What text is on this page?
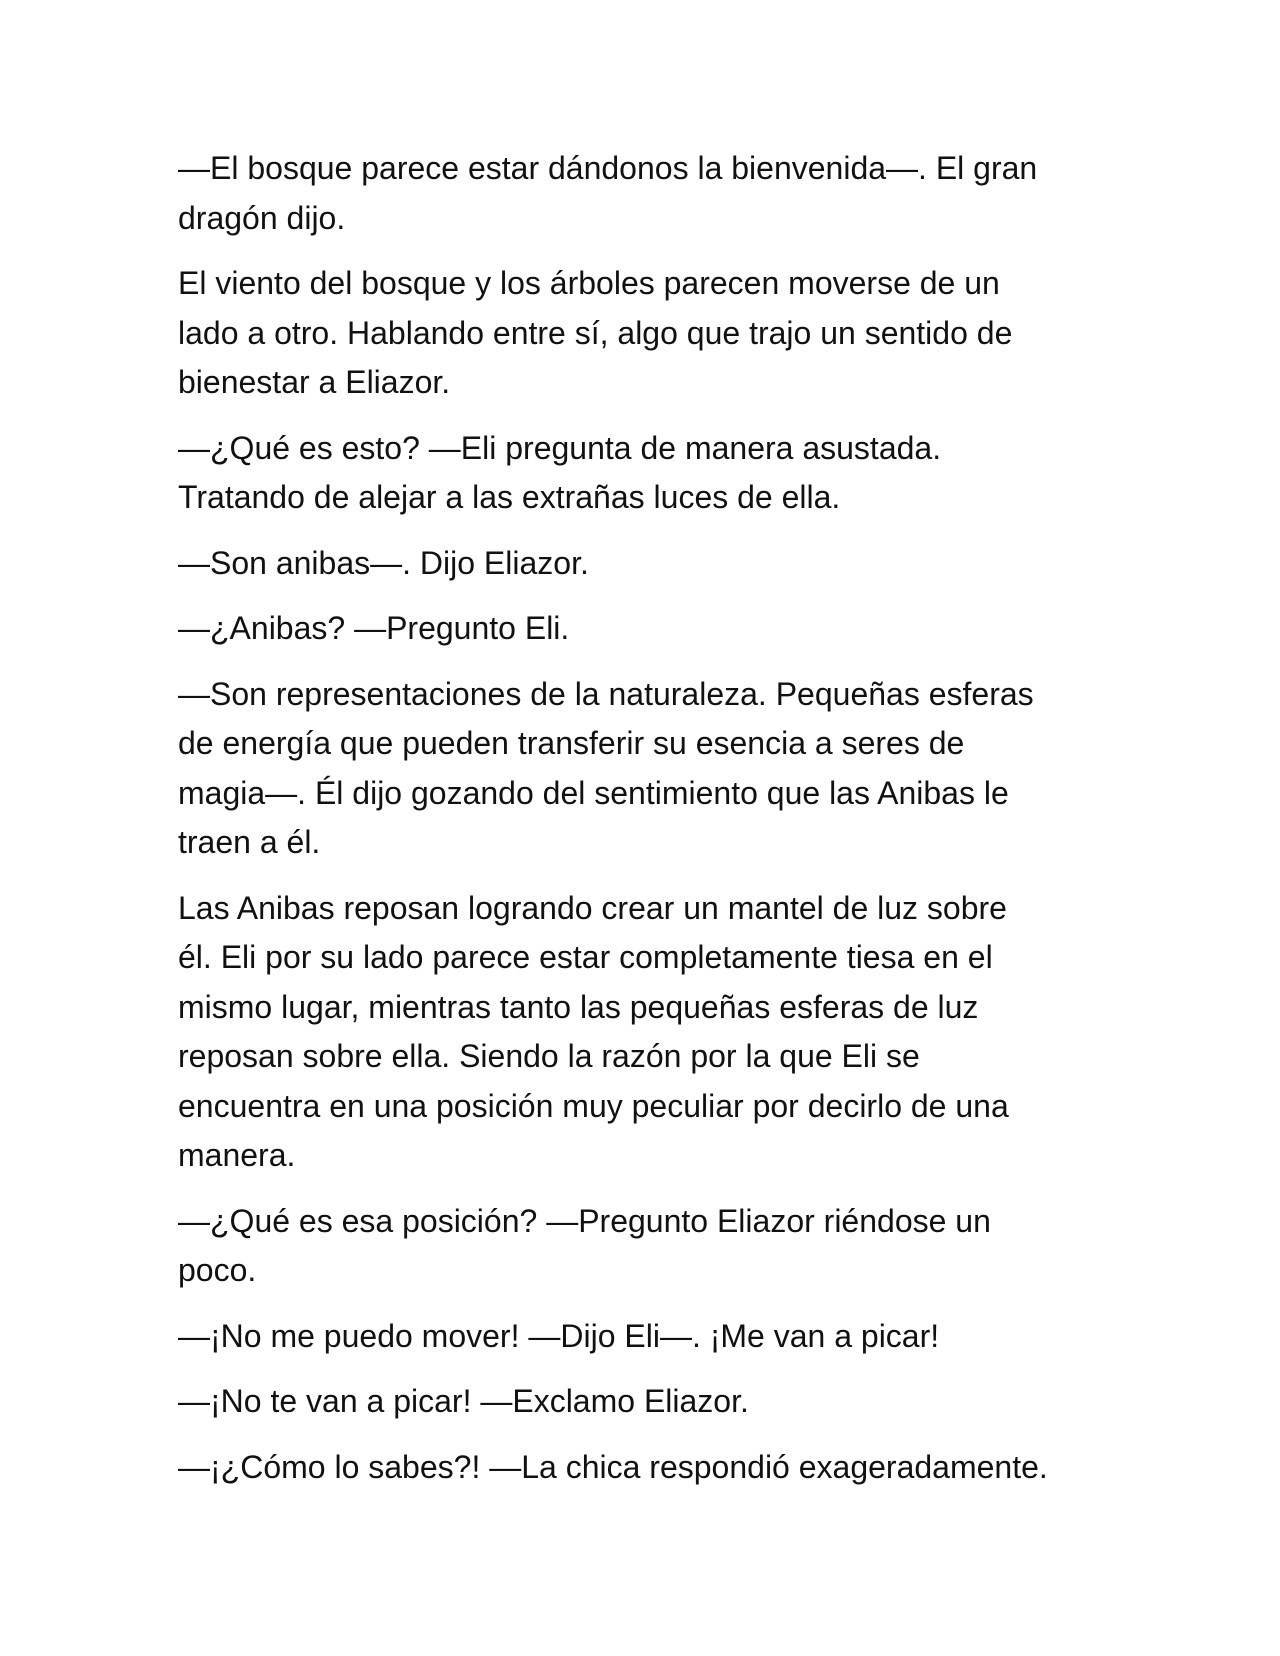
—El bosque parece estar dándonos la bienvenida—. El gran
dragón dijo.

El viento del bosque y los árboles parecen moverse de un
lado a otro. Hablando entre sí, algo que trajo un sentido de
bienestar a Eliazor.

—¿Qué es esto? —Eli pregunta de manera asustada.
Tratando de alejar a las extrañas luces de ella.

—Son anibas—. Dijo Eliazor.

—¿Anibas? —Pregunto Eli.

—Son representaciones de la naturaleza. Pequeñas esferas
de energía que pueden transferir su esencia a seres de
magia—. Él dijo gozando del sentimiento que las Anibas le
traen a él.

Las Anibas reposan logrando crear un mantel de luz sobre
él. Eli por su lado parece estar completamente tiesa en el
mismo lugar, mientras tanto las pequeñas esferas de luz
reposan sobre ella. Siendo la razón por la que Eli se
encuentra en una posición muy peculiar por decirlo de una
manera.

—¿Qué es esa posición? —Pregunto Eliazor riéndose un
poco.

—¡No me puedo mover! —Dijo Eli—. ¡Me van a picar!

—¡No te van a picar! —Exclamo Eliazor.

—¡¿Cómo lo sabes?! —La chica respondió exageradamente.
